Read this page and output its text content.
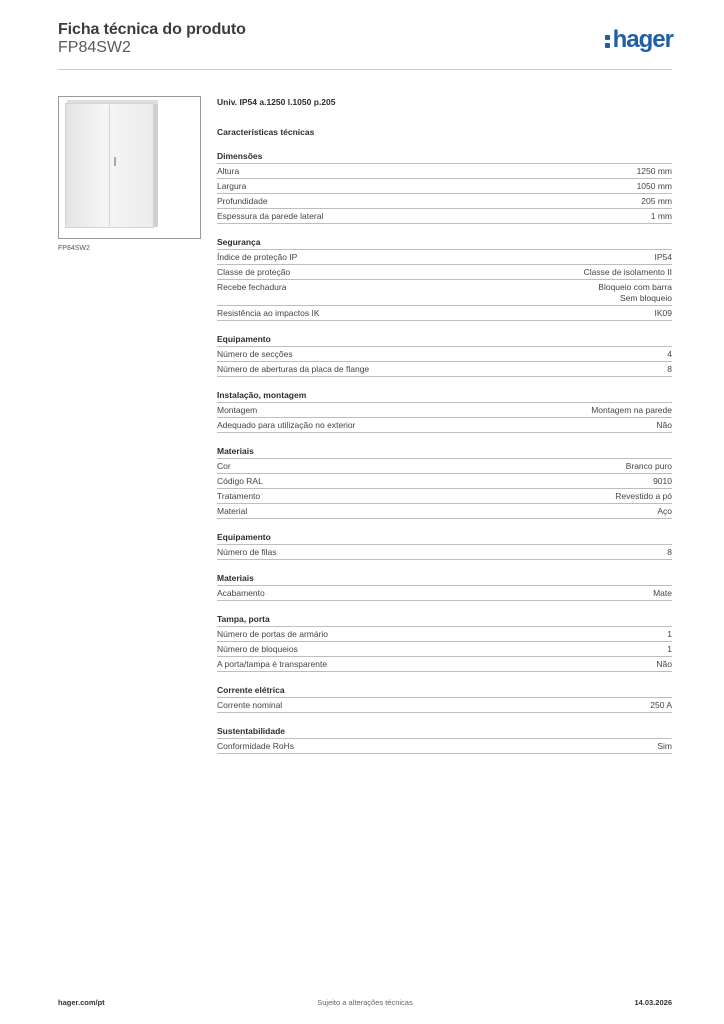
Ficha técnica do produto
FP84SW2	hager
FP84SW2
Univ. IP54 a.1250 l.1050 p.205
Características técnicas
Dimensões
Altura	1250 mm
Largura	1050 mm
Profundidade	205 mm
Espessura da parede lateral	1 mm
Segurança
Índice de proteção IP	IP54
Classe de proteção	Classe de isolamento II
Recebe fechadura	Bloqueio com barra
Sem bloqueio
Resistência ao impactos IK	IK09
Equipamento
Número de secções	4
Número de aberturas da placa de flange	8
Instalação, montagem
Montagem	Montagem na parede
Adequado para utilização no exterior	Não
Materiais
Cor	Branco puro
Código RAL	9010
Tratamento	Revestido a pó
Material	Aço
Equipamento
Número de filas	8
Materiais
Acabamento	Mate
Tampa, porta
Número de portas de armário	1
Número de bloqueios	1
A porta/tampa é transparente	Não
Corrente elétrica
Corrente nominal	250 A
Sustentabilidade
Conformidade RoHs	Sim
Sujeito a alterações técnicas
hager.com/pt	14.03.2026
